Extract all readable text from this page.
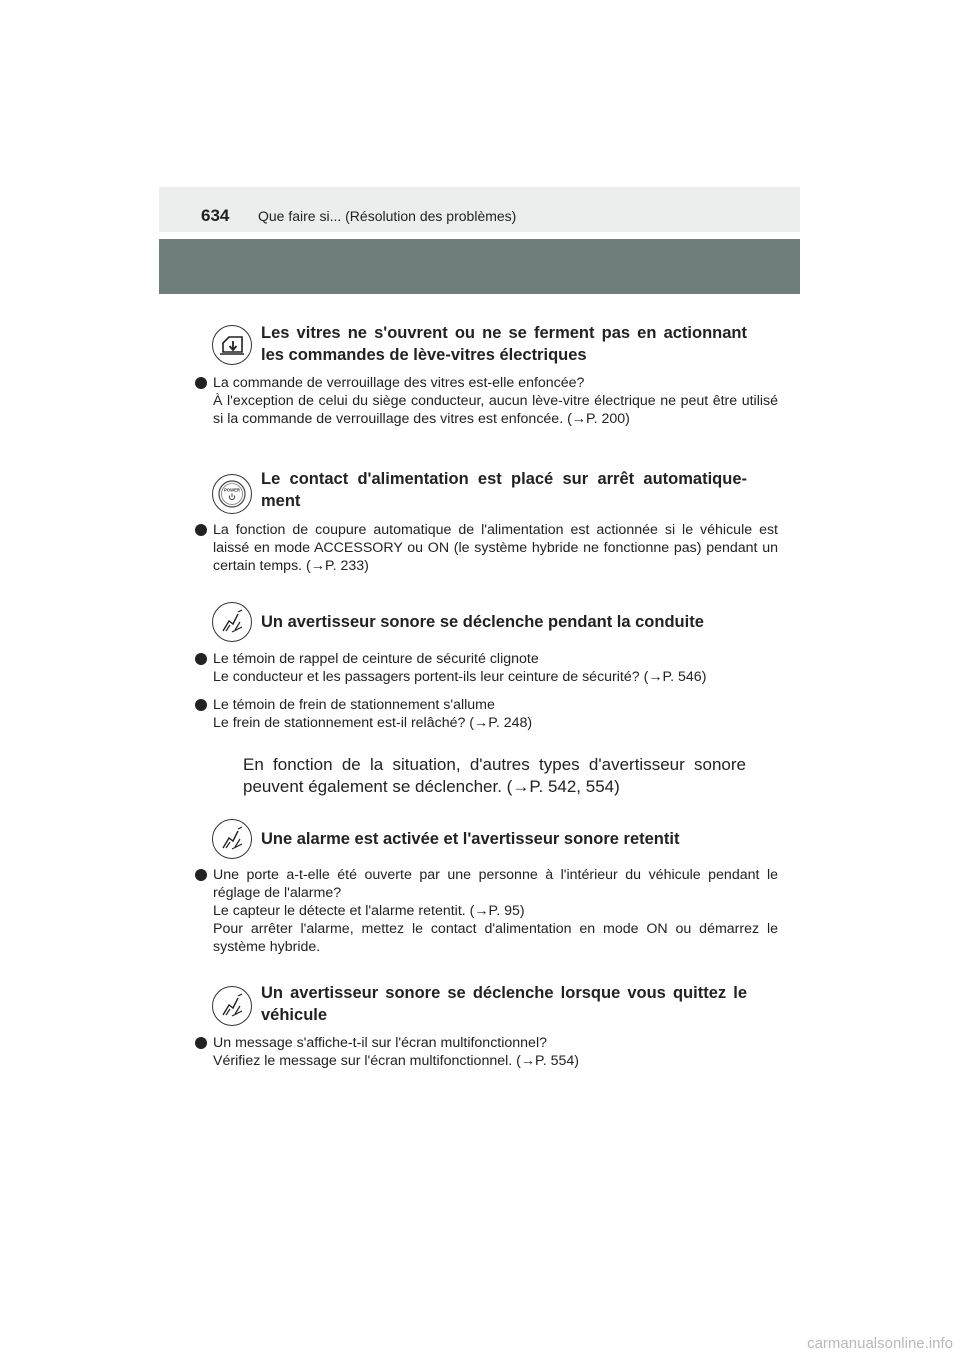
634 Que faire si... (Résolution des problèmes)
Les vitres ne s'ouvrent ou ne se ferment pas en actionnant les commandes de lève-vitres électriques

La commande de verrouillage des vitres est-elle enfoncée?

À l'exception de celui du siège conducteur, aucun lève-vitre électrique ne peut être utilisé si la commande de verrouillage des vitres est enfoncée. (→P. 200)

POWER
Le contact d'alimentation est placé sur arrêt automatique-ment

La fonction de coupure automatique de l'alimentation est actionnée si le véhicule est laissé en mode ACCESSORY ou ON (le système hybride ne fonctionne pas) pendant un certain temps. (→P. 233)

Un avertisseur sonore se déclenche pendant la conduite

Le témoin de rappel de ceinture de sécurité clignote

Le conducteur et les passagers portent-ils leur ceinture de sécurité? (→P. 546)

Le témoin de frein de stationnement s'allume

Le frein de stationnement est-il relâché? (→P. 248)

En fonction de la situation, d'autres types d'avertisseur sonore peuvent également se déclencher. (→P. 542, 554)
Une alarme est activée et l'avertisseur sonore retentit

Une porte a-t-elle été ouverte par une personne à l'intérieur du véhicule pendant le réglage de l'alarme?

Le capteur le détecte et l'alarme retentit. (→P. 95)

Pour arrêter l'alarme, mettez le contact d'alimentation en mode ON ou démarrez le système hybride.

Un avertisseur sonore se déclenche lorsque vous quittez le véhicule

Un message s'affiche-t-il sur l'écran multifonctionnel?

Vérifiez le message sur l'écran multifonctionnel. (→P. 554)

carmanualsonline.info
